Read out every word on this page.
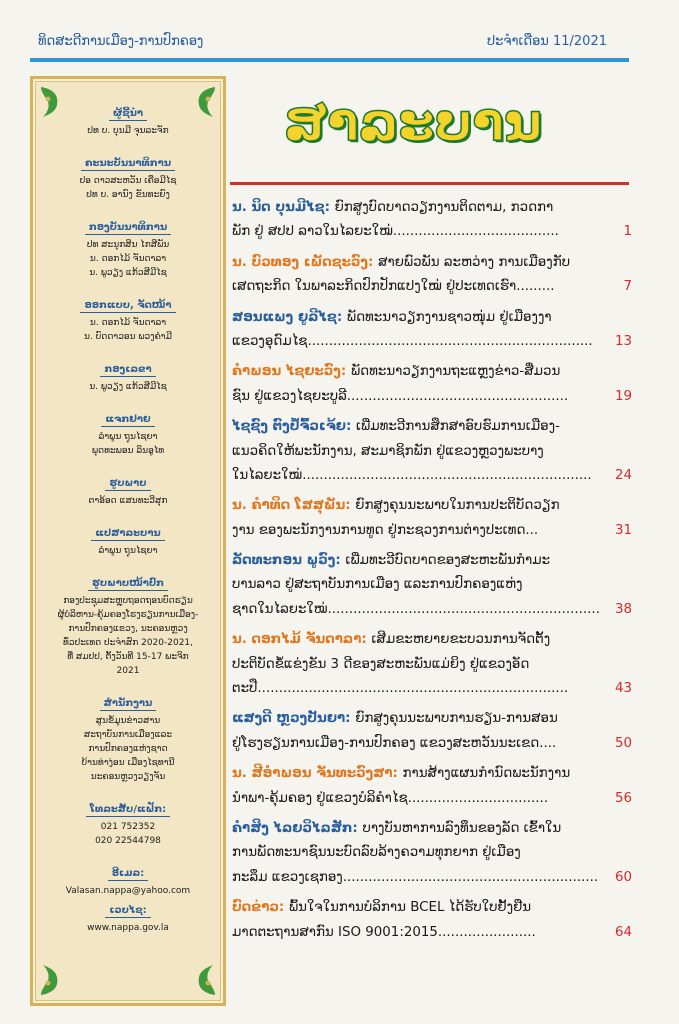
ທິດສະດີການເມືອງ-ການປົກຄອງ	ປະຈຳເດືອນ 11/2021
ຜູ້ຊີ້ນຳ
ປທ ບ. ບຸນມີ ຈຸນລະຈັກ
ຄະນະບັນນາທິການ
ປອ ດາວສະຫວັນ ເຄືອມີໄຊ
ປທ ບ. ອານົງ ຂັນທະຍົງ
ກອງບັນນາທິການ
ປທ ສະນຸກສິນ ໄກສີພັນ
ນ. ດອກໄມ້ ຈັນດາລາ
ນ. ພູວຽງ ແກ້ວສີມີໄຊ
ອອກແບບ, ຈັດໜ້າ
ນ. ດອກໄມ້ ຈັນດາລາ
ນ. ບົດດາວອນ ພວງຄຳມີ
ກອງເລຂາ
ນ. ພູວຽງ ແກ້ວສີມີໄຊ
ແຈກຢາຍ
ລຳພູນ ຖຸນໄຊຍາ
ພຸດທະພອນ ລິນອູໄທ
ຮູບພາບ
ຕາອ້ອດ ແສນທະວີສຸກ
ແປສາລະບານ
ລຳພູນ ຖຸນໄຊຍາ
ຮູບພາບໜ້າປົກ
ກອງປະຊຸມສະຫຼຸບຖອດຖອນບົດຮຽນ
ຜູ້ບໍລິຫານ-ຄຸ້ມຄອງໂຮງຮຽນການເມືອງ-
ການປົກຄອງແຂວງ, ນະຄອນຫຼວງ
ທົ່ວປະເທດ ປະຈຳສົກ 2020-2021,
ທີ່ ສມປປ, ຕັ້ງວັນທີ 15-17 ພະຈິກ
2021
ສຳນັກງານ
ສູນຂໍ້ມູນຂ່າວສານ
ສະຖາບັນການເມືອງແລະ
ການປົກຄອງແຫ່ງຊາດ
ບ້ານທ່າງ່ອນ ເມືອງໄຊທານີ
ນະຄອນຫຼວງວຽງຈັນ
ໂທລະສັບ/ແຟັກ:
021 752352
020 22544798
ອີເມລ:
Valasan.nappa@yahoo.com
ເວບໄຊ:
www.nappa.gov.la
ສາລະບານ
ນ. ນິດ ບຸນມີໄຊ: ຍົກສູງບົດບາດວຽກງານຕິດຕາມ, ກວດກາ
1
ພັກ ຢູ່ ສປປ ລາວໃນໄລຍະໃໝ່.......................................
ນ. ບົວທອງ ເພັດຊະວົງ: ສາຍພົວພັນ ລະຫວ່າງ ການເມືອງກັບ
7
ເສດຖະກິດ ໃນພາລະກິດປົກປັກແປງໃໝ່ ຢູ່ປະເທດເຮົາ.........
ສອນແພງ ຍູລີໄຊ: ພັດທະນາວຽກງານຊາວໜຸ່ມ ຢູ່ເມືອງງາ
13
ແຂວງອຸດົມໄຊ...................................................................
ຄຳພອນ ໄຊຍະວົງ: ພັດທະນາວຽກງານຖະແຫຼງຂ່າວ-ສື່ມວນ
19
ຊົນ ຢູ່ແຂວງໄຊຍະບູລີ....................................................
ໄຊຊົງ ຕົງປໍ້ຈົ້ວເຈ້ຍ: ເພີ່ມທະວີການສຶກສາອົບຮົມການເມືອງ-
ແນວຄິດໃຫ້ພະນັກງານ, ສະມາຊິກພັກ ຢູ່ແຂວງຫຼວງພະບາງ
24
ໃນໄລຍະໃໝ່....................................................................
ນ. ຄຳທິດ ໂສສຸພັນ: ຍົກສູງຄຸນນະພາບໃນການປະຕິບັດວຽກ
31
ງານ ຂອງພະນັກງານການທູດ ຢູ່ກະຊວງການຕ່າງປະເທດ...
ລັດທະກອນ ພູວົງ: ເພີ່ມທະວີບົດບາດຂອງສະຫະພັນກຳມະ
ບານລາວ ຢູ່ສະຖາບັນການເມືອງ ແລະການປົກຄອງແຫ່ງ
38
ຊາດໃນໄລຍະໃໝ່................................................................
ນ. ດອກໄມ້ ຈັນດາລາ: ເສີມຂະຫຍາຍຂະບວນການຈັດຕັ້ງ
ປະຕິບັດຂໍ້ແຂ່ງຂັນ 3 ດີຂອງສະຫະພັນແມ່ຍິງ ຢູ່ແຂວງອັດ
43
ຕະປື.........................................................................
ແສງດີ ຫຼວງປັນຍາ: ຍົກສູງຄຸນນະພາບການຮຽນ-ການສອນ
50
ຢູ່ໂຮງຮຽນການເມືອງ-ການປົກຄອງ ແຂວງສະຫວັນນະເຂດ....
ນ. ສີອຳພອນ ຈັນທະວົງສາ: ການສ້າງແຜນກຳນົດພະນັກງານ
56
ນຳພາ-ຄຸ້ມຄອງ ຢູ່ແຂວງບໍລິຄຳໄຊ.................................
ຄຳສິງ ໄລຍວິໄລສັກ: ບາງບັນຫາການລົງທຶນຂອງລັດ ເຂົ້າໃນ
ການພັດທະນາຊົນນະບົດລົບລ້າງຄວາມທຸກຍາກ ຢູ່ເມືອງ
60
ກະລຶມ ແຂວງເຊກອງ............................................................
ບົດຂ່າວ: ພົ້ນໃຈໃນການບໍລິການ BCEL ໄດ້ຮັບໃບຢັ້ງຢືນ
64
ມາດຕະຖານສາກົນ ISO 9001:2015.......................
